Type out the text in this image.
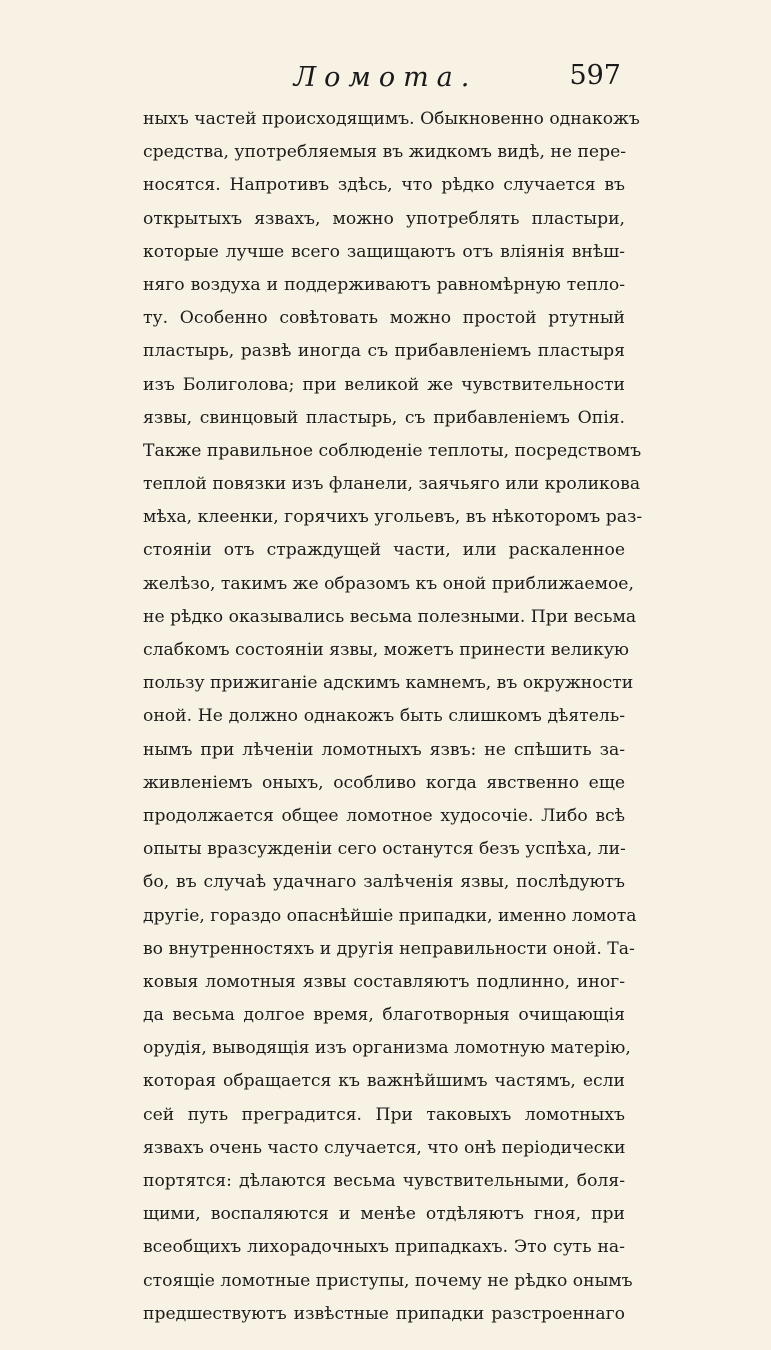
Ломота.	597
ныхъ частей происходящимъ. Обыкновенно однакожъ
средства, употребляемыя въ жидкомъ видѣ, не пере-
носятся. Напротивъ здѣсь, что рѣдко случается въ
открытыхъ язвахъ, можно употреблять пластыри,
которые лучше всего защищаютъ отъ вліянія внѣш-
няго воздуха и поддерживаютъ равномѣрную тепло-
ту. Особенно совѣтовать можно простой ртутный
пластырь, развѣ иногда съ прибавленіемъ пластыря
изъ Болиголова; при великой же чувствительности
язвы, свинцовый пластырь, съ прибавленіемъ Опія.
Также правильное соблюденіе теплоты, посредствомъ
теплой повязки изъ фланели, заячьяго или кроликова
мѣха, клеенки, горячихъ угольевъ, въ нѣкоторомъ раз-
стояніи отъ страждущей части, или раскаленное
желѣзо, такимъ же образомъ къ оной приближаемое,
не рѣдко оказывались весьма полезными. При весьма
слабкомъ состояніи язвы, можетъ принести великую
пользу прижиганіе адскимъ камнемъ, въ окружности
оной. Не должно однакожъ быть слишкомъ дѣятель-
нымъ при лѣченіи ломотныхъ язвъ: не спѣшить за-
живленіемъ оныхъ, особливо когда явственно еще
продолжается общее ломотное худосочіе. Либо всѣ
опыты вразсужденіи сего останутся безъ успѣха, ли-
бо, въ случаѣ удачнаго залѣченія язвы, послѣдуютъ
другіе, гораздо опаснѣйшіе припадки, именно ломота
во внутренностяхъ и другія неправильности оной. Та-
ковыя ломотныя язвы составляютъ подлинно, иног-
да весьма долгое время, благотворныя очищающія
орудія, выводящія изъ организма ломотную матерію,
которая обращается къ важнѣйшимъ частямъ, если
сей путь преградится. При таковыхъ ломотныхъ
язвахъ очень часто случается, что онѣ періодически
портятся: дѣлаются весьма чувствительными, боля-
щими, воспаляются и менѣе отдѣляютъ гноя, при
всеобщихъ лихорадочныхъ припадкахъ. Это суть на-
стоящіе ломотные приступы, почему не рѣдко онымъ
предшествуютъ извѣстные припадки разстроеннаго
